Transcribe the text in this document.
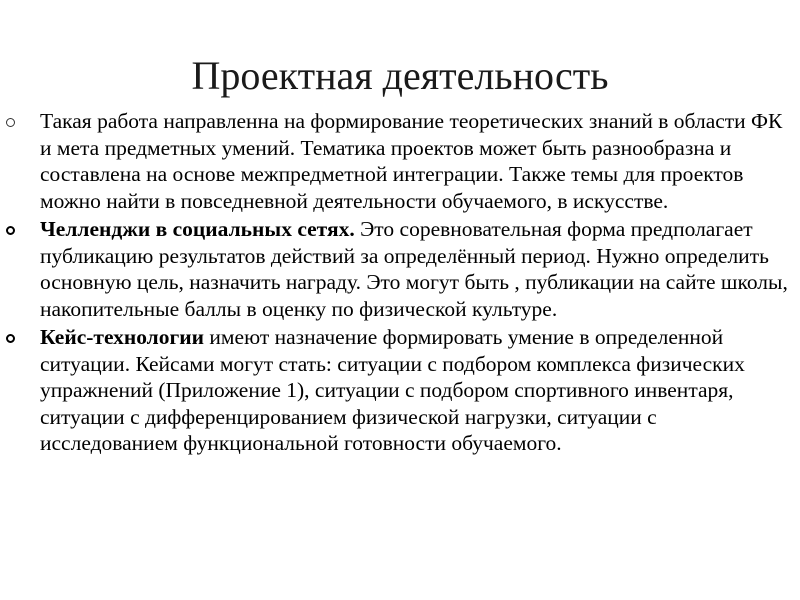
Проектная деятельность
Такая работа направленна на формирование теоретических знаний в области ФК и мета предметных умений. Тематика проектов может быть разнообразна и составлена на основе межпредметной интеграции. Также темы для проектов можно найти в повседневной деятельности обучаемого, в искусстве.
Челленджи в социальных сетях. Это соревновательная форма предполагает публикацию результатов действий за определённый период. Нужно определить основную цель, назначить награду. Это могут быть , публикации на сайте школы, накопительные баллы в оценку по физической культуре.
Кейс-технологии имеют назначение формировать умение в определенной ситуации. Кейсами могут стать: ситуации с подбором комплекса физических упражнений (Приложение 1), ситуации с подбором спортивного инвентаря, ситуации с дифференцированием физической нагрузки, ситуации с исследованием функциональной готовности обучаемого.
